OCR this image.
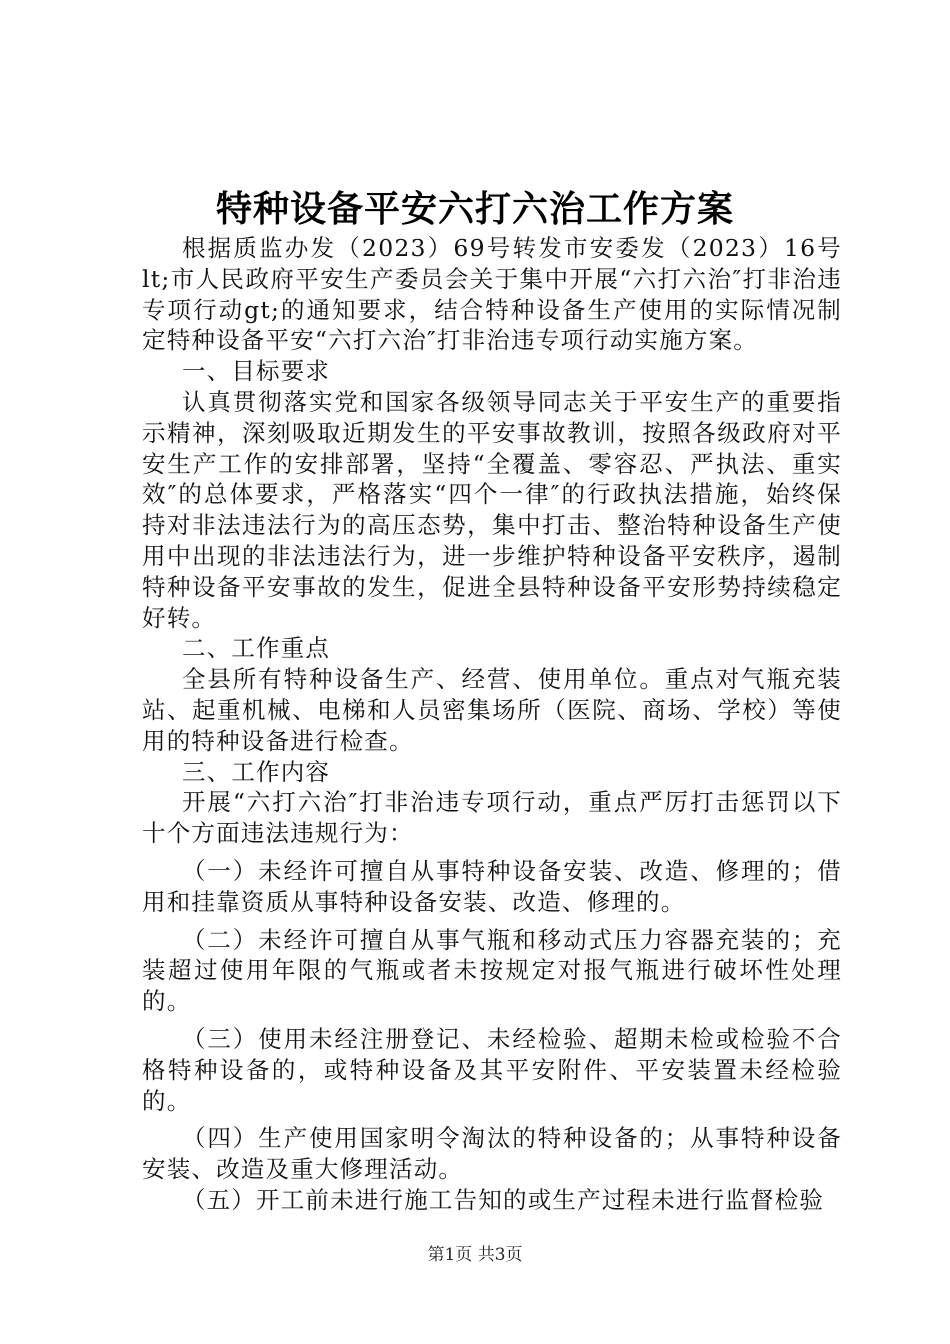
特种设备平安六打六治工作方案

根据质监办发（2023）69号转发市安委发（2023）16号lt;市人民政府平安生产委员会关于集中开展“六打六治″打非治违专项行动gt;的通知要求，结合特种设备生产使用的实际情况制定特种设备平安“六打六治″打非治违专项行动实施方案。

一、目标要求

认真贯彻落实党和国家各级领导同志关于平安生产的重要指示精神，深刻吸取近期发生的平安事故教训，按照各级政府对平安生产工作的安排部署，坚持“全覆盖、零容忍、严执法、重实效″的总体要求，严格落实“四个一律″的行政执法措施，始终保持对非法违法行为的高压态势，集中打击、整治特种设备生产使用中出现的非法违法行为，进一步维护特种设备平安秩序，遏制特种设备平安事故的发生，促进全县特种设备平安形势持续稳定好转。

二、工作重点

全县所有特种设备生产、经营、使用单位。重点对气瓶充装站、起重机械、电梯和人员密集场所（医院、商场、学校）等使用的特种设备进行检查。

三、工作内容

开展“六打六治″打非治违专项行动，重点严厉打击惩罚以下十个方面违法违规行为：

（一）未经许可擅自从事特种设备安装、改造、修理的；借用和挂靠资质从事特种设备安装、改造、修理的。

（二）未经许可擅自从事气瓶和移动式压力容器充装的；充装超过使用年限的气瓶或者未按规定对报气瓶进行破坏性处理的。

（三）使用未经注册登记、未经检验、超期未检或检验不合格特种设备的，或特种设备及其平安附件、平安装置未经检验的。

（四）生产使用国家明令淘汰的特种设备的；从事特种设备安装、改造及重大修理活动。

（五）开工前未进行施工告知的或生产过程未进行监督检验

第1页 共3页
